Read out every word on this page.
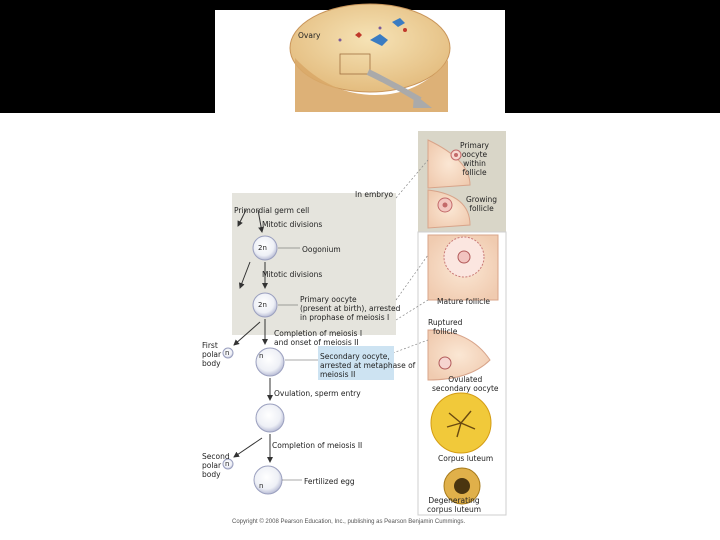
Ovary
In embryo
Primordial germ cell
Mitotic divisions
Oogonium
Mitotic divisions
Primary oocyte
(present at birth), arrested
in prophase of meiosis I
Completion of meiosis I
and onset of meiosis II
First
polar
body
Secondary oocyte,
arrested at metaphase of
meiosis II
Ovulation, sperm entry
Completion of meiosis II
Second
polar
body
Fertilized egg
2n
2n
n	n
n
n
Primary
oocyte
within
follicle
Growing
follicle
Mature follicle
Ruptured
follicle
Ovulated
secondary oocyte
Corpus luteum
Degenerating
corpus luteum
Copyright © 2008 Pearson Education, Inc., publishing as Pearson Benjamin Cummings.
